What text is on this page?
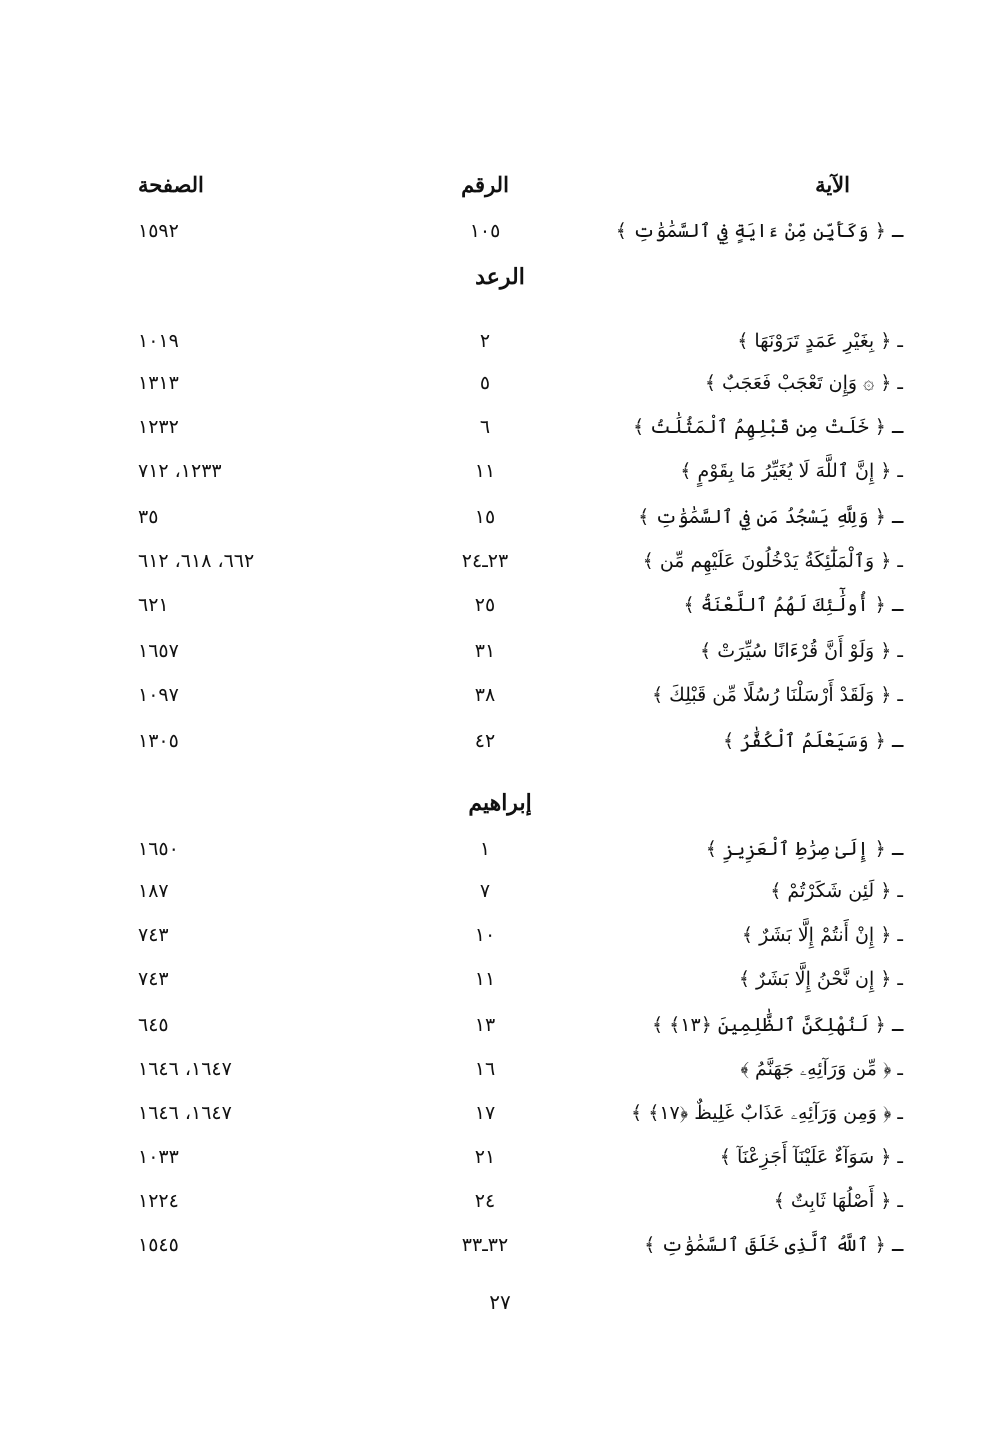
الآية
الرقم
الصفحة
ـ ﴿ وَكَأَيِّن مِّنْ ءَايَةٍ فِي ٱلسَّمَٰوَٰتِ ﴾
١٠٥
١٥٩٢
الرعد
ـ ﴿ بِغَيْرِ عَمَدٍ تَرَوْنَهَا ﴾
٢
١٠١٩
ـ ﴿ ۞ وَإِن تَعْجَبْ فَعَجَبٌ ﴾
٥
١٣١٣
ـ ﴿ خَلَتْ مِن قَبْلِهِمُ ٱلْمَثُلَٰتُ ﴾
٦
١٢٣٢
ـ ﴿ إِنَّ ٱللَّهَ لَا يُغَيِّرُ مَا بِقَوْمٍ ﴾
١١
١٢٣٣، ٧١٢
ـ ﴿ وَلِلَّهِ يَسْجُدُ مَن فِي ٱلسَّمَٰوَٰتِ ﴾
١٥
٣٥
ـ ﴿ وَٱلْمَلَٰٓئِكَةُ يَدْخُلُونَ عَلَيْهِم مِّن ﴾
٢٣ـ٢٤
٦٦٢، ٦١٨، ٦١٢
ـ ﴿ أُولَٰٓئِكَ لَهُمُ ٱللَّعْنَةُ ﴾
٢٥
٦٢١
ـ ﴿ وَلَوْ أَنَّ قُرْءَانًا سُيِّرَتْ ﴾
٣١
١٦٥٧
ـ ﴿ وَلَقَدْ أَرْسَلْنَا رُسُلًا مِّن قَبْلِكَ ﴾
٣٨
١٠٩٧
ـ ﴿ وَسَيَعْلَمُ ٱلْكُفَّٰرُ ﴾
٤٢
١٣٠٥
إبراهيم
ـ ﴿ إِلَىٰ صِرَٰطِ ٱلْعَزِيزِ ﴾
١
١٦٥٠
ـ ﴿ لَئِن شَكَرْتُمْ ﴾
٧
١٨٧
ـ ﴿ إِنْ أَنتُمْ إِلَّا بَشَرٌ ﴾
١٠
٧٤٣
ـ ﴿ إِن نَّحْنُ إِلَّا بَشَرٌ ﴾
١١
٧٤٣
ـ ﴿ لَنُهْلِكَنَّ ٱلظَّٰلِمِينَ ﴿١٣﴾ ﴾
١٣
٦٤٥
ـ ﴿ مِّن وَرَآئِهِۦ جَهَنَّمُ ﴾
١٦
١٦٤٧، ١٦٤٦
ـ ﴿ وَمِن وَرَآئِهِۦ عَذَابٌ غَلِيظٌ ﴿١٧﴾ ﴾
١٧
١٦٤٧، ١٦٤٦
ـ ﴿ سَوَآءٌ عَلَيْنَآ أَجَزِعْنَآ ﴾
٢١
١٠٣٣
ـ ﴿ أَصْلُهَا ثَابِتٌ ﴾
٢٤
١٢٢٤
ـ ﴿ ٱللَّهُ ٱلَّذِى خَلَقَ ٱلسَّمَٰوَٰتِ ﴾
٣٢ـ٣٣
١٥٤٥
٢٧
